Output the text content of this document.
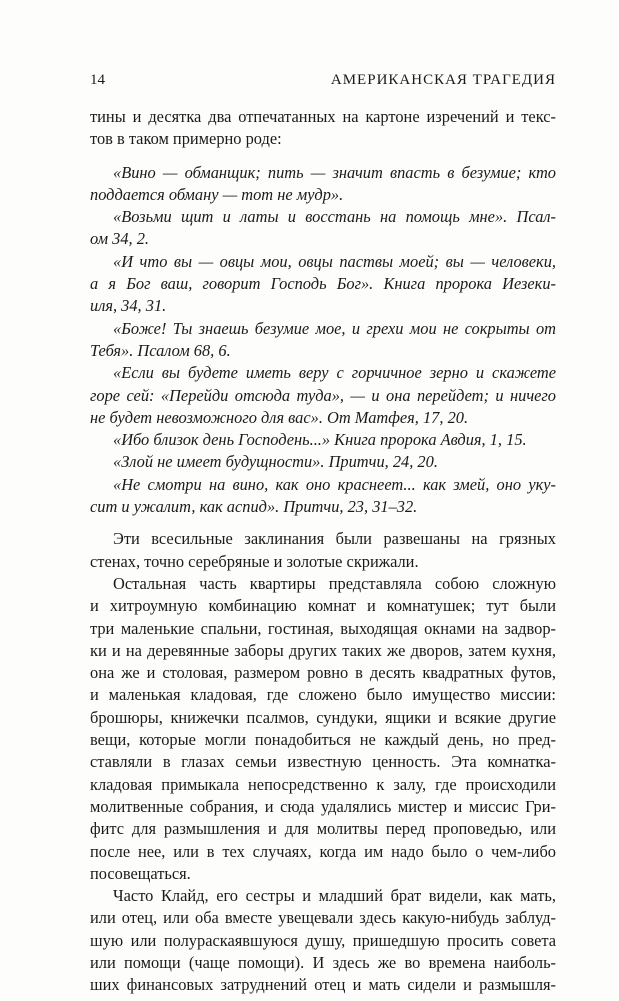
14	АМЕРИКАНСКАЯ ТРАГЕДИЯ
тины и десятка два отпечатанных на картоне изречений и текс-
тов в таком примерно роде:
«Вино — обманщик; пить — значит впасть в безумие; кто
поддается обману — тот не мудр».
«Возьми щит и латы и восстань на помощь мне». Псал-
ом 34, 2.
«И что вы — овцы мои, овцы паствы моей; вы — человеки,
а я Бог ваш, говорит Господь Бог». Книга пророка Иезеки-
иля, 34, 31.
«Боже! Ты знаешь безумие мое, и грехи мои не сокрыты от
Тебя». Псалом 68, 6.
«Если вы будете иметь веру с горчичное зерно и скажете
горе сей: «Перейди отсюда туда», — и она перейдет; и ничего
не будет невозможного для вас». От Матфея, 17, 20.
«Ибо близок день Господень...» Книга пророка Авдия, 1, 15.
«Злой не имеет будущности». Притчи, 24, 20.
«Не смотри на вино, как оно краснеет... как змей, оно уку-
сит и ужалит, как аспид». Притчи, 23, 31–32.
Эти всесильные заклинания были развешаны на грязных
стенах, точно серебряные и золотые скрижали.
Остальная часть квартиры представляла собою сложную
и хитроумную комбинацию комнат и комнатушек; тут были
три маленькие спальни, гостиная, выходящая окнами на задвор-
ки и на деревянные заборы других таких же дворов, затем кухня,
она же и столовая, размером ровно в десять квадратных футов,
и маленькая кладовая, где сложено было имущество миссии:
брошюры, книжечки псалмов, сундуки, ящики и всякие другие
вещи, которые могли понадобиться не каждый день, но пред-
ставляли в глазах семьи известную ценность. Эта комнатка-
кладовая примыкала непосредственно к залу, где происходили
молитвенные собрания, и сюда удалялись мистер и миссис Гри-
фитс для размышления и для молитвы перед проповедью, или
после нее, или в тех случаях, когда им надо было о чем-либо
посовещаться.
Часто Клайд, его сестры и младший брат видели, как мать,
или отец, или оба вместе увещевали здесь какую-нибудь заблуд-
шую или полураскаявшуюся душу, пришедшую просить совета
или помощи (чаще помощи). И здесь же во времена наиболь-
ших финансовых затруднений отец и мать сидели и размышля-
